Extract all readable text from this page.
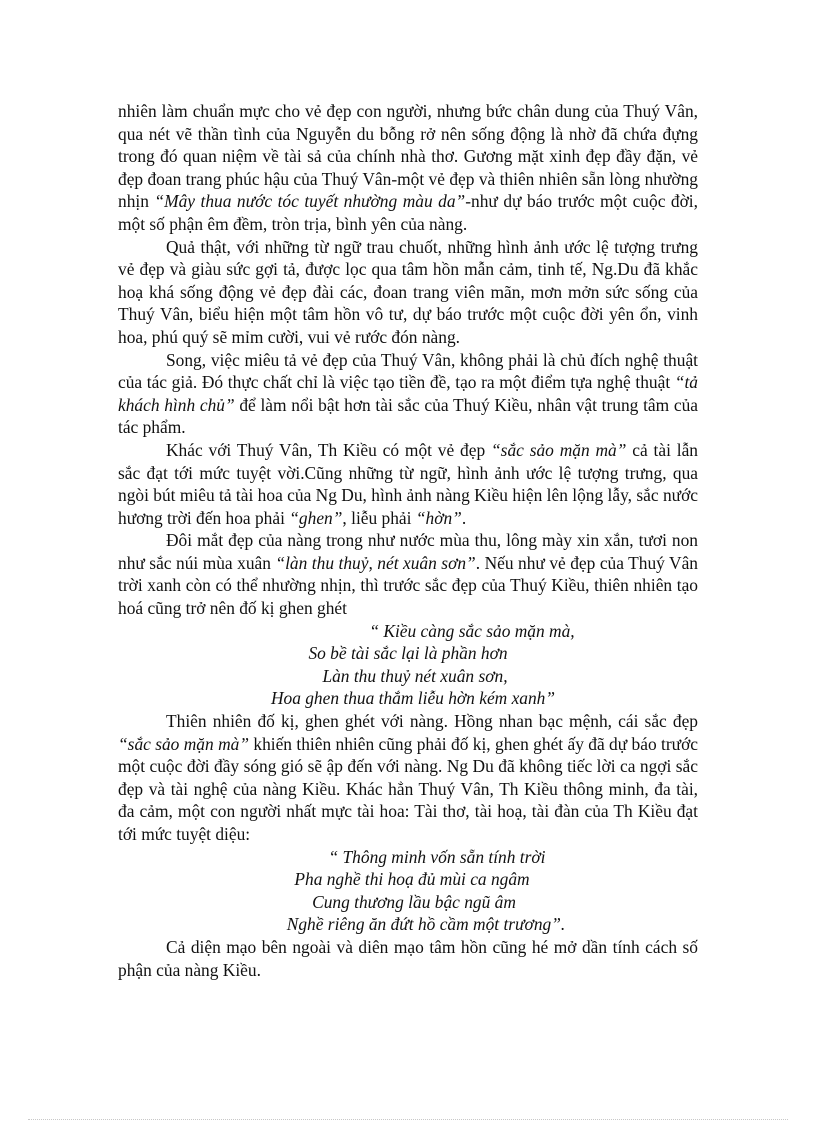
nhiên làm chuẩn mực cho vẻ đẹp con người, nhưng bức chân dung của Thuý Vân, qua nét vẽ thần tình của Nguyễn du bỗng rở nên sống động là nhờ đã chứa đựng trong đó quan niệm về tài sả của chính nhà thơ. Gương mặt xinh đẹp đầy đặn, vẻ đẹp đoan trang phúc hậu của Thuý Vân-một vẻ đẹp và thiên nhiên sẵn lòng nhường nhịn “Mây thua nước tóc tuyết nhường màu da”-như dự báo trước một cuộc đời, một số phận êm đềm, tròn trịa, bình yên của nàng.

Quả thật, với những từ ngữ trau chuốt, những hình ảnh ước lệ tượng trưng vẻ đẹp và giàu sức gợi tả, được lọc qua tâm hồn mẫn cảm, tinh tế, Ng.Du đã khắc hoạ khá sống động vẻ đẹp đài các, đoan trang viên mãn, mơn mởn sức sống của Thuý Vân, biểu hiện một tâm hồn vô tư, dự báo trước một cuộc đời yên ổn, vinh hoa, phú quý sẽ mỉm cười, vui vẻ rước đón nàng.

Song, việc miêu tả vẻ đẹp của Thuý Vân, không phải là chủ đích nghệ thuật của tác giả. Đó thực chất chỉ là việc tạo tiền đề, tạo ra một điểm tựa nghệ thuật “tả khách hình chủ” để làm nổi bật hơn tài sắc của Thuý Kiều, nhân vật trung tâm của tác phẩm.

Khác với Thuý Vân, Th Kiều có một vẻ đẹp “sắc sảo mặn mà” cả tài lẫn sắc đạt tới mức tuyệt vời.Cũng những từ ngữ, hình ảnh ước lệ tượng trưng, qua ngòi bút miêu tả tài hoa của Ng Du, hình ảnh nàng Kiều hiện lên lộng lẫy, sắc nước hương trời đến hoa phải “ghen”, liễu phải “hờn”.

Đôi mắt đẹp của nàng trong như nước mùa thu, lông mày xin xắn, tươi non như sắc núi mùa xuân “làn thu thuỷ, nét xuân sơn”. Nếu như vẻ đẹp của Thuý Vân trời xanh còn có thể nhường nhịn, thì trước sắc đẹp của Thuý Kiều, thiên nhiên tạo hoá cũng trở nên đố kị ghen ghét

“ Kiều càng sắc sảo mặn mà,
So bề tài sắc lại là phần hơn
Làn thu thuỷ nét xuân sơn,
Hoa ghen thua thắm liễu hờn kém xanh”

Thiên nhiên đố kị, ghen ghét với nàng. Hồng nhan bạc mệnh, cái sắc đẹp “sắc sảo mặn mà” khiến thiên nhiên cũng phải đố kị, ghen ghét ấy đã dự báo trước một cuộc đời đầy sóng gió sẽ ập đến với nàng. Ng Du đã không tiếc lời ca ngợi sắc đẹp và tài nghệ của nàng Kiều. Khác hẳn Thuý Vân, Th Kiều thông minh, đa tài, đa cảm, một con người nhất mực tài hoa: Tài thơ, tài hoạ, tài đàn của Th Kiều đạt tới mức tuyệt diệu:

“ Thông minh vốn sẵn tính trời
Pha nghề thi hoạ đủ mùi ca ngâm
Cung thương lầu bậc ngũ âm
Nghề riêng ăn đứt hồ cầm một trương”.

Cả diện mạo bên ngoài và diên mạo tâm hồn cũng hé mở dần tính cách số phận của nàng Kiều.
